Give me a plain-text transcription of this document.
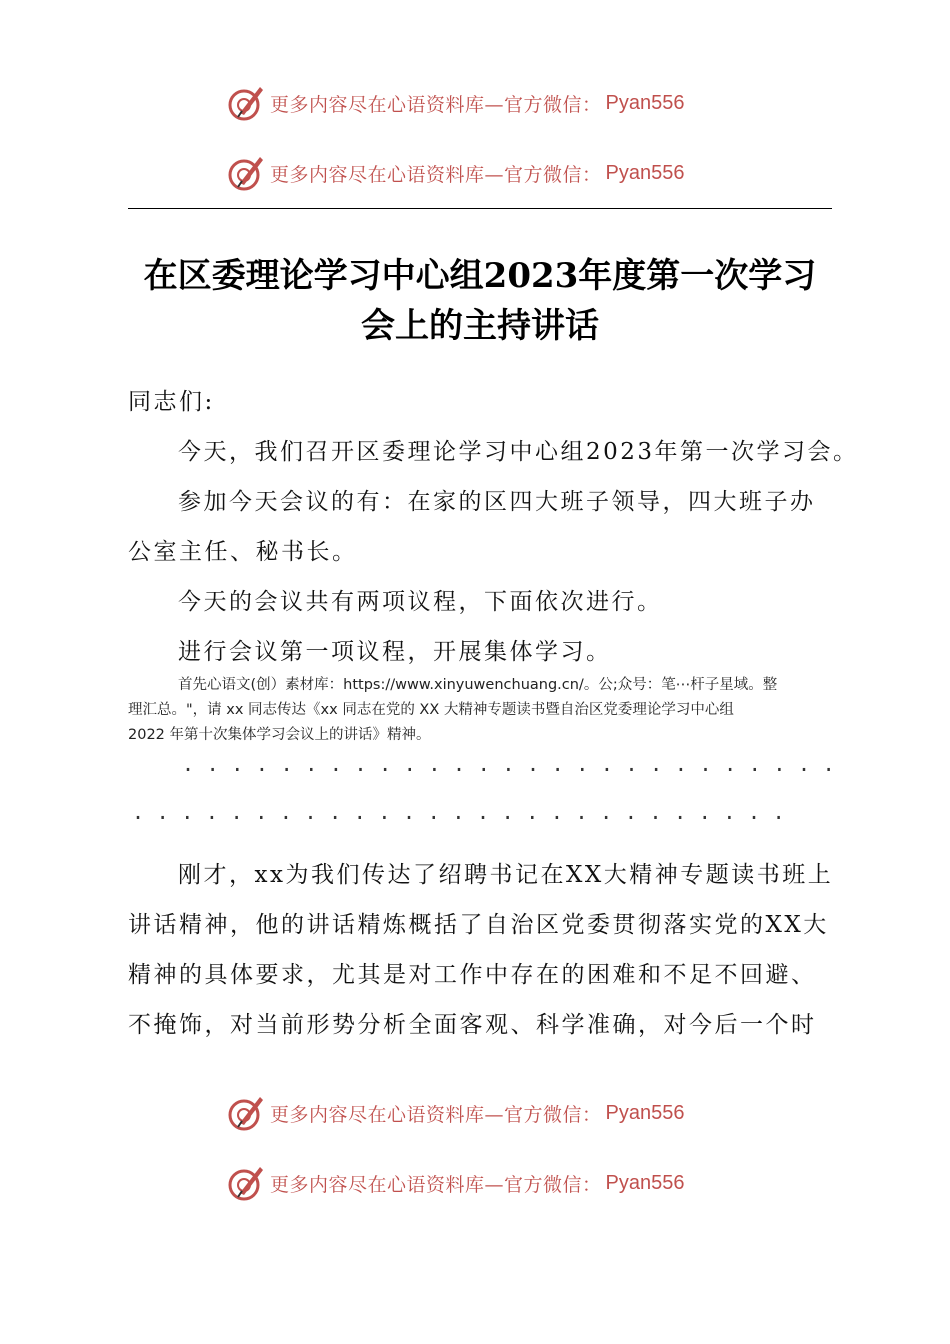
更多内容尽在心语资料库—官方微信： Pyan556
更多内容尽在心语资料库—官方微信： Pyan556
在区委理论学习中心组2023年度第一次学习
会上的主持讲话
同志们:
今天，我们召开区委理论学习中心组2023年第一次学习会。
参加今天会议的有：在家的区四大班子领导，四大班子办
公室主任、秘书长。
今天的会议共有两项议程，下面依次进行。
进行会议第一项议程，开展集体学习。
首先心语文(创）素材库：https://www.xinyuwenchuang.cn/。公;众号：笔⋯杆子星域。整
理汇总。"，请 xx 同志传达《xx 同志在党的 XX 大精神专题读书暨自治区党委理论学习中心组
2022 年第十次集体学习会议上的讲话》精神。
...........................
...........................
刚才，xx为我们传达了绍聘书记在XX大精神专题读书班上
讲话精神，他的讲话精炼概括了自治区党委贯彻落实党的XX大
精神的具体要求，尤其是对工作中存在的困难和不足不回避、
不掩饰，对当前形势分析全面客观、科学准确，对今后一个时
更多内容尽在心语资料库—官方微信： Pyan556
更多内容尽在心语资料库—官方微信： Pyan556
